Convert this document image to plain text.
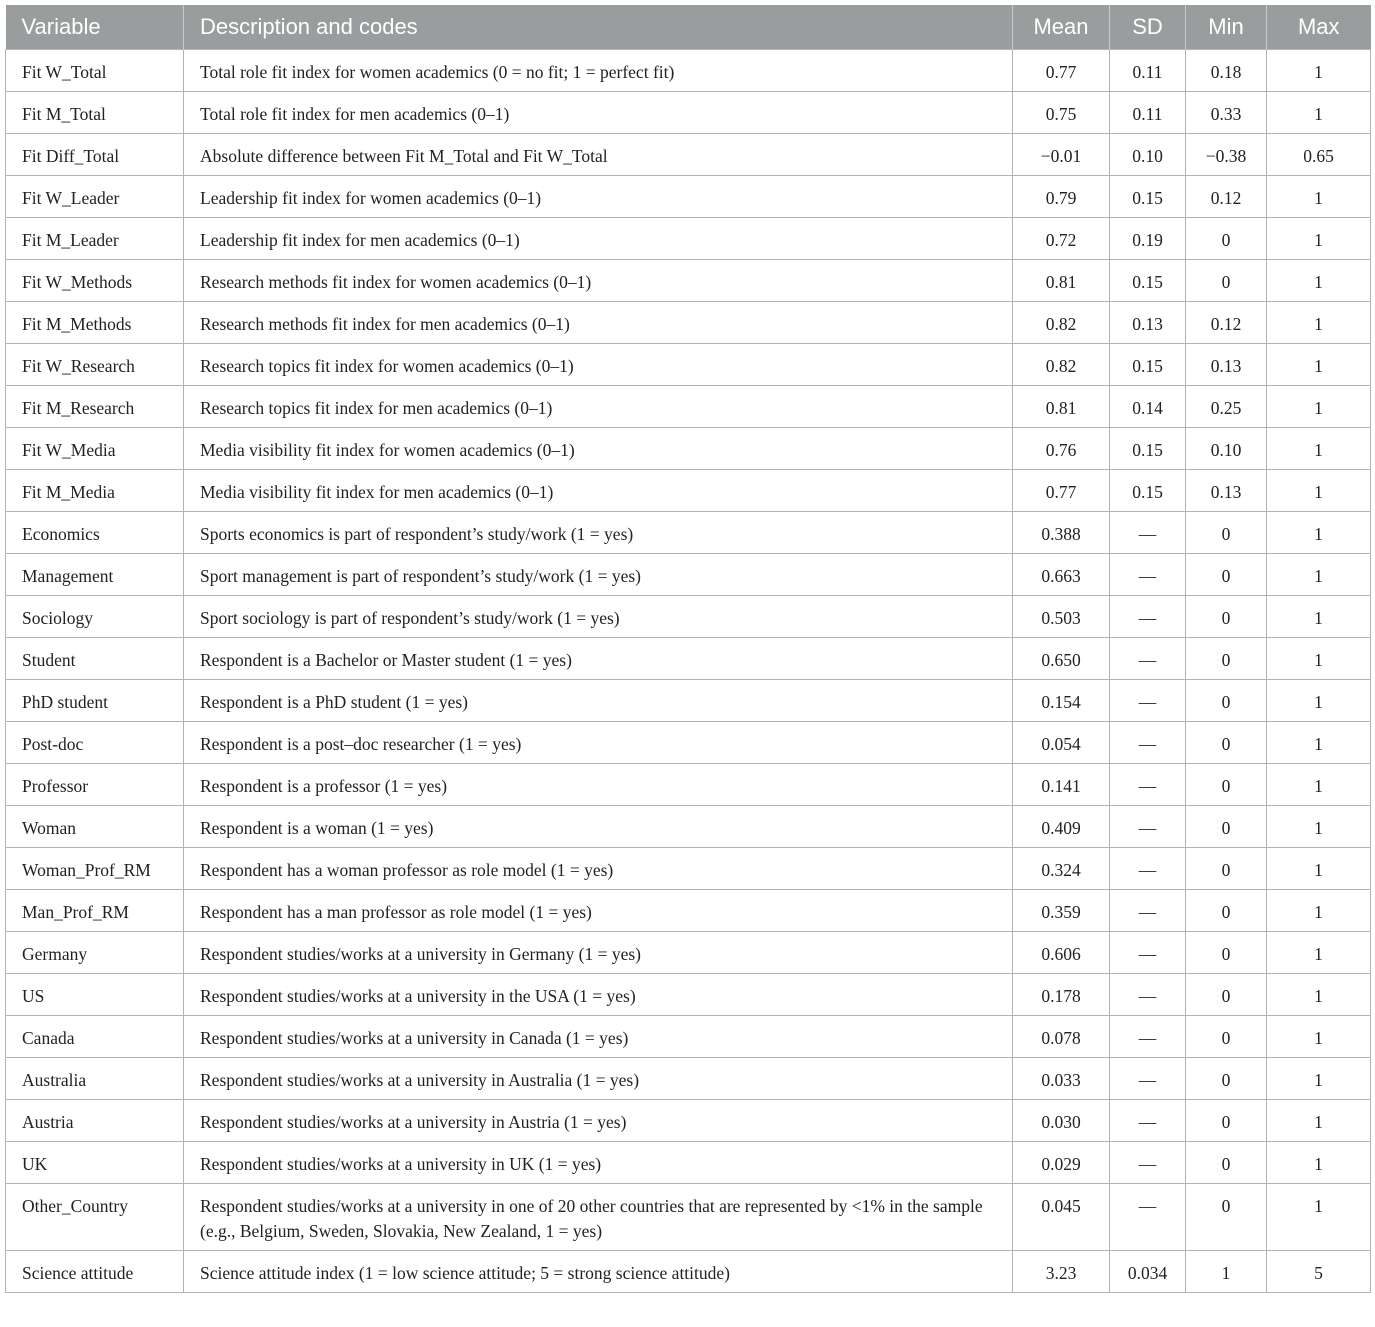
Variable	Description and codes	Mean	SD	Min	Max
Fit W_Total	Total role fit index for women academics (0 = no fit; 1 = perfect fit)	0.77	0.11	0.18	1
Fit M_Total	Total role fit index for men academics (0–1)	0.75	0.11	0.33	1
Fit Diff_Total	Absolute difference between Fit M_Total and Fit W_Total	−0.01	0.10	−0.38	0.65
Fit W_Leader	Leadership fit index for women academics (0–1)	0.79	0.15	0.12	1
Fit M_Leader	Leadership fit index for men academics (0–1)	0.72	0.19	0	1
Fit W_Methods	Research methods fit index for women academics (0–1)	0.81	0.15	0	1
Fit M_Methods	Research methods fit index for men academics (0–1)	0.82	0.13	0.12	1
Fit W_Research	Research topics fit index for women academics (0–1)	0.82	0.15	0.13	1
Fit M_Research	Research topics fit index for men academics (0–1)	0.81	0.14	0.25	1
Fit W_Media	Media visibility fit index for women academics (0–1)	0.76	0.15	0.10	1
Fit M_Media	Media visibility fit index for men academics (0–1)	0.77	0.15	0.13	1
Economics	Sports economics is part of respondent’s study/work (1 = yes)	0.388	—	0	1
Management	Sport management is part of respondent’s study/work (1 = yes)	0.663	—	0	1
Sociology	Sport sociology is part of respondent’s study/work (1 = yes)	0.503	—	0	1
Student	Respondent is a Bachelor or Master student (1 = yes)	0.650	—	0	1
PhD student	Respondent is a PhD student (1 = yes)	0.154	—	0	1
Post-doc	Respondent is a post–doc researcher (1 = yes)	0.054	—	0	1
Professor	Respondent is a professor (1 = yes)	0.141	—	0	1
Woman	Respondent is a woman (1 = yes)	0.409	—	0	1
Woman_Prof_RM	Respondent has a woman professor as role model (1 = yes)	0.324	—	0	1
Man_Prof_RM	Respondent has a man professor as role model (1 = yes)	0.359	—	0	1
Germany	Respondent studies/works at a university in Germany (1 = yes)	0.606	—	0	1
US	Respondent studies/works at a university in the USA (1 = yes)	0.178	—	0	1
Canada	Respondent studies/works at a university in Canada (1 = yes)	0.078	—	0	1
Australia	Respondent studies/works at a university in Australia (1 = yes)	0.033	—	0	1
Austria	Respondent studies/works at a university in Austria (1 = yes)	0.030	—	0	1
UK	Respondent studies/works at a university in UK (1 = yes)	0.029	—	0	1
Other_Country	Respondent studies/works at a university in one of 20 other countries that are represented by <1% in the sample (e.g., Belgium, Sweden, Slovakia, New Zealand, 1 = yes)	0.045	—	0	1
Science attitude	Science attitude index (1 = low science attitude; 5 = strong science attitude)	3.23	0.034	1	5
